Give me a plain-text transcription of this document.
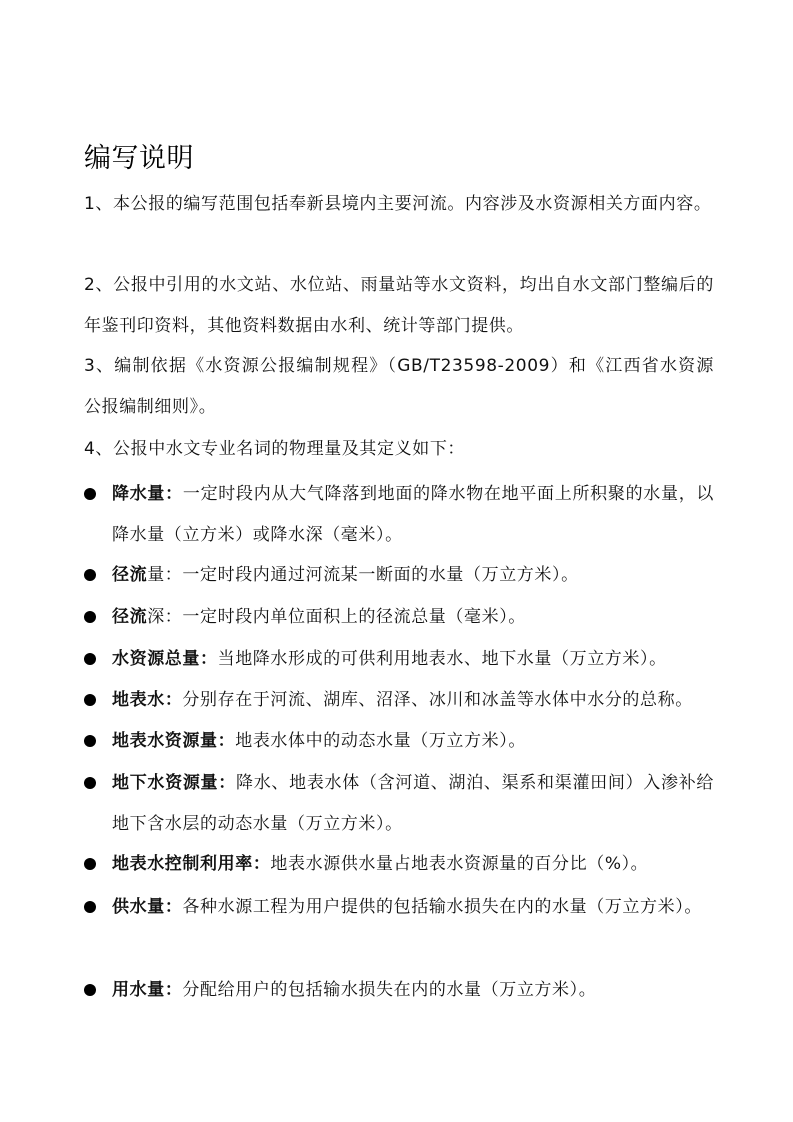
编写说明
1、本公报的编写范围包括奉新县境内主要河流。内容涉及水资源相关方面内容。
2、公报中引用的水文站、水位站、雨量站等水文资料，均出自水文部门整编后的年鉴刊印资料，其他资料数据由水利、统计等部门提供。
3、编制依据《水资源公报编制规程》（GB/T23598-2009）和《江西省水资源公报编制细则》。
4、公报中水文专业名词的物理量及其定义如下：
降水量：一定时段内从大气降落到地面的降水物在地平面上所积聚的水量，以降水量（立方米）或降水深（毫米）。
径流量：一定时段内通过河流某一断面的水量（万立方米）。
径流深：一定时段内单位面积上的径流总量（毫米）。
水资源总量：当地降水形成的可供利用地表水、地下水量（万立方米）。
地表水：分别存在于河流、湖库、沼泽、冰川和冰盖等水体中水分的总称。
地表水资源量：地表水体中的动态水量（万立方米）。
地下水资源量：降水、地表水体（含河道、湖泊、渠系和渠灌田间）入渗补给地下含水层的动态水量（万立方米）。
地表水控制利用率：地表水源供水量占地表水资源量的百分比（%）。
供水量：各种水源工程为用户提供的包括输水损失在内的水量（万立方米）。
用水量：分配给用户的包括输水损失在内的水量（万立方米）。
